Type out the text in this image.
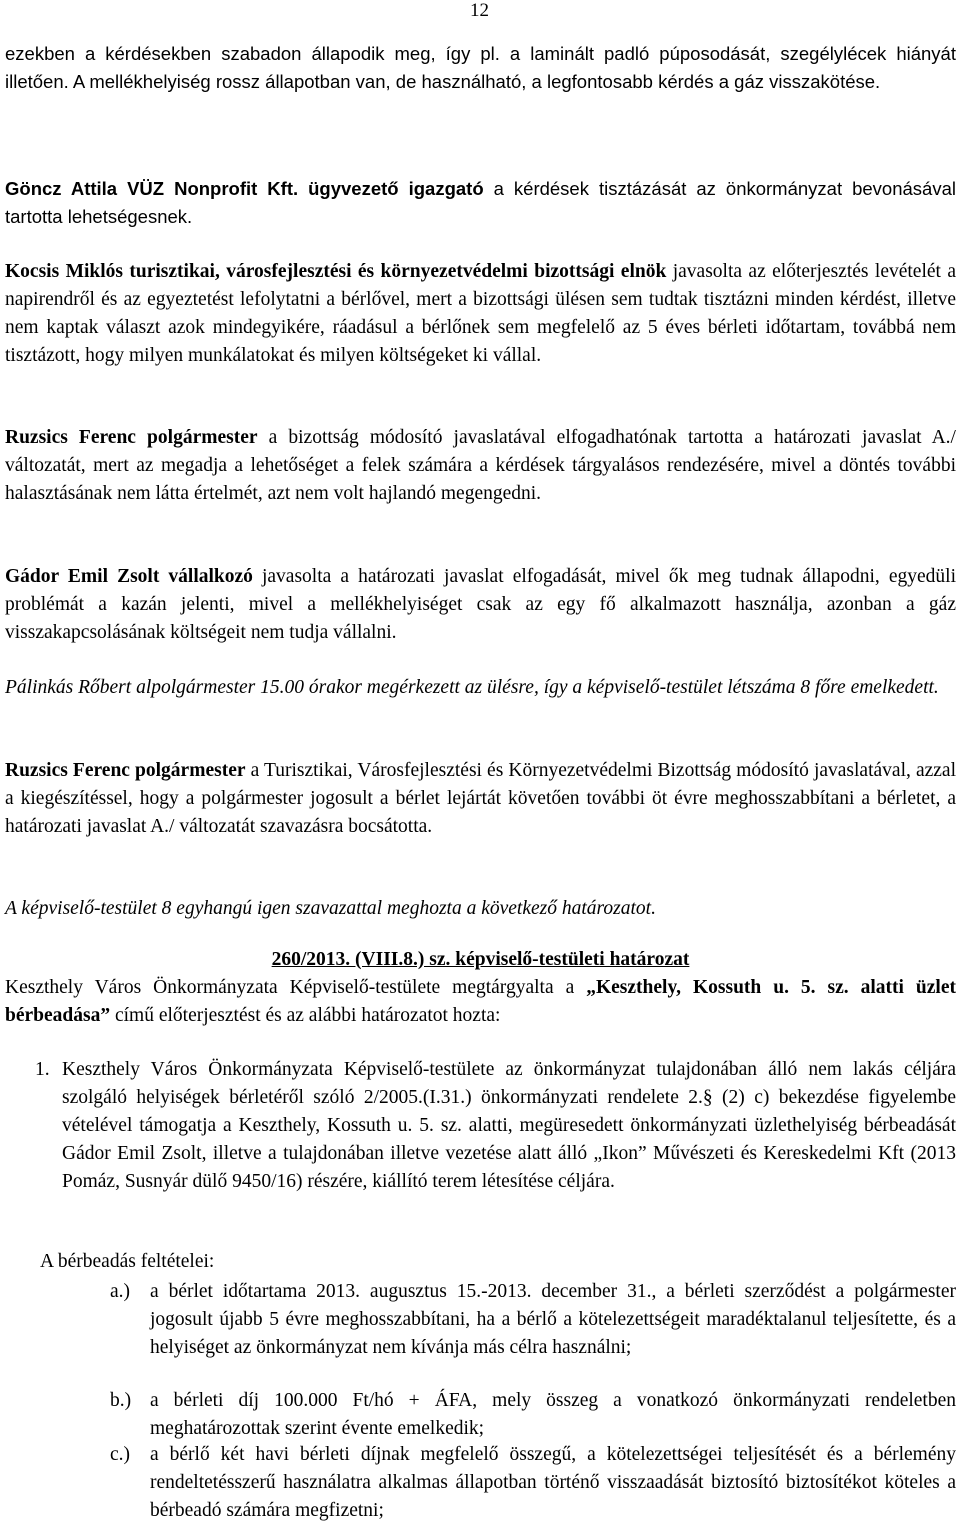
12

ezekben a kérdésekben szabadon állapodik meg, így pl. a laminált padló púposodását, szegélylécek hiányát illetően. A mellékhelyiség rossz állapotban van, de használható, a legfontosabb kérdés a gáz visszakötése.

Göncz Attila VÜZ Nonprofit Kft. ügyvezető igazgató a kérdések tisztázását az önkormányzat bevonásával tartotta lehetségesnek.

Kocsis Miklós turisztikai, városfejlesztési és környezetvédelmi bizottsági elnök javasolta az előterjesztés levételét a napirendről és az egyeztetést lefolytatni a bérlővel, mert a bizottsági ülésen sem tudtak tisztázni minden kérdést, illetve nem kaptak választ azok mindegyikére, ráadásul a bérlőnek sem megfelelő az 5 éves bérleti időtartam, továbbá nem tisztázott, hogy milyen munkálatokat és milyen költségeket ki vállal.

Ruzsics Ferenc polgármester a bizottság módosító javaslatával elfogadhatónak tartotta a határozati javaslat A./ változatát, mert az megadja a lehetőséget a felek számára a kérdések tárgyalásos rendezésére, mivel a döntés további halasztásának nem látta értelmét, azt nem volt hajlandó megengedni.

Gádor Emil Zsolt vállalkozó javasolta a határozati javaslat elfogadását, mivel ők meg tudnak állapodni, egyedüli problémát a kazán jelenti, mivel a mellékhelyiséget csak az egy fő alkalmazott használja, azonban a gáz visszakapcsolásának költségeit nem tudja vállalni.

Pálinkás Rőbert alpolgármester 15.00 órakor megérkezett az ülésre, így a képviselő-testület létszáma 8 főre emelkedett.

Ruzsics Ferenc polgármester a Turisztikai, Városfejlesztési és Környezetvédelmi Bizottság módosító javaslatával, azzal a kiegészítéssel, hogy a polgármester jogosult a bérlet lejártát követően további öt évre meghosszabbítani a bérletet, a határozati javaslat A./ változatát szavazásra bocsátotta.

A képviselő-testület 8 egyhangú igen szavazattal meghozta a következő határozatot.

260/2013. (VIII.8.) sz. képviselő-testületi határozat

Keszthely Város Önkormányzata Képviselő-testülete megtárgyalta a „Keszthely, Kossuth u. 5. sz. alatti üzlet bérbeadása” című előterjesztést és az alábbi határozatot hozta:

1. Keszthely Város Önkormányzata Képviselő-testülete az önkormányzat tulajdonában álló nem lakás céljára szolgáló helyiségek bérletéről szóló 2/2005.(I.31.) önkormányzati rendelete 2.§ (2) c) bekezdése figyelembe vételével támogatja a Keszthely, Kossuth u. 5. sz. alatti, megüresedett önkormányzati üzlethelyiség bérbeadását Gádor Emil Zsolt, illetve a tulajdonában illetve vezetése alatt álló „Ikon” Művészeti és Kereskedelmi Kft (2013 Pomáz, Susnyár dülő 9450/16) részére, kiállító terem létesítése céljára.

A bérbeadás feltételei:

a.) a bérlet időtartama 2013. augusztus 15.-2013. december 31., a bérleti szerződést a polgármester jogosult újabb 5 évre meghosszabbítani, ha a bérlő a kötelezettségeit maradéktalanul teljesítette, és a helyiséget az önkormányzat nem kívánja más célra használni;

b.) a bérleti díj 100.000 Ft/hó + ÁFA, mely összeg a vonatkozó önkormányzati rendeletben meghatározottak szerint évente emelkedik;

c.) a bérlő két havi bérleti díjnak megfelelő összegű, a kötelezettségei teljesítését és a bérlemény rendeltetésszerű használatra alkalmas állapotban történő visszaadását biztosító biztosítékot köteles a bérbeadó számára megfizetni;
